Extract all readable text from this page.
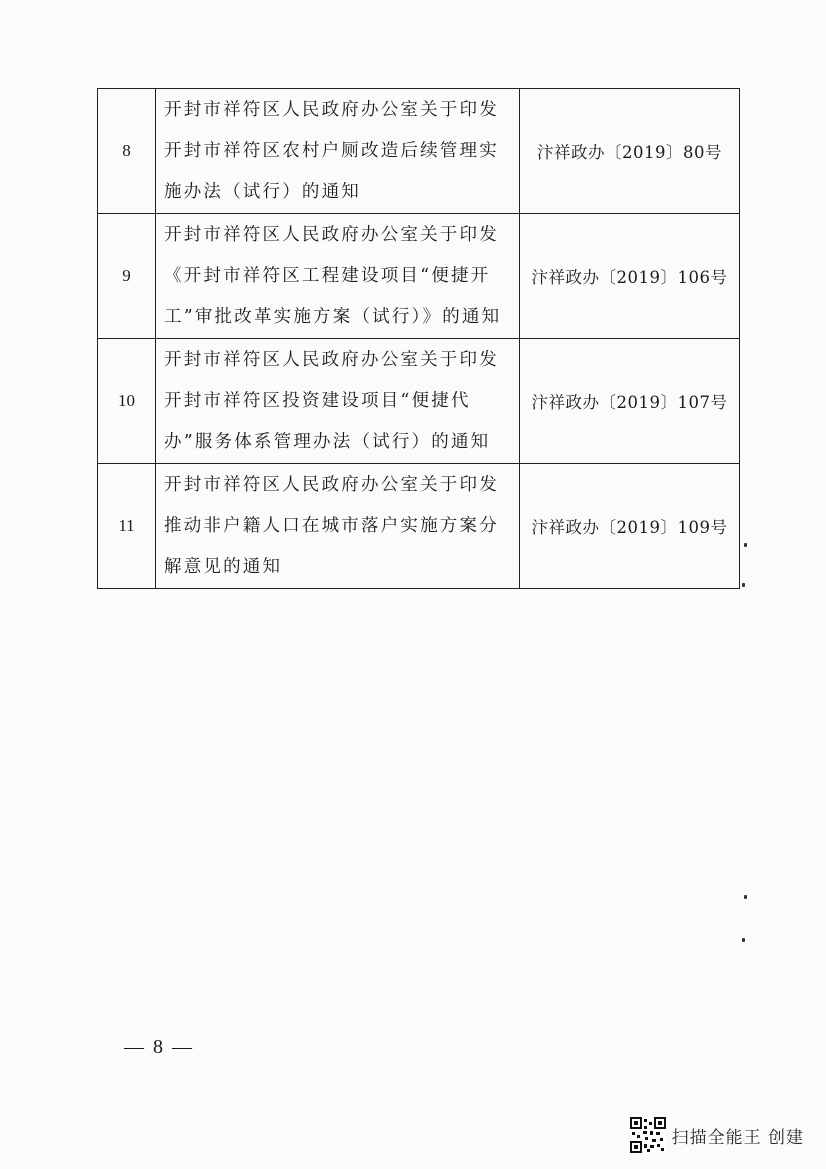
8	开封市祥符区人民政府办公室关于印发开封市祥符区农村户厕改造后续管理实施办法（试行）的通知	汴祥政办〔2019〕80号
9	开封市祥符区人民政府办公室关于印发《开封市祥符区工程建设项目“便捷开工”审批改革实施方案（试行）》的通知	汴祥政办〔2019〕106号
10	开封市祥符区人民政府办公室关于印发开封市祥符区投资建设项目“便捷代办”服务体系管理办法（试行）的通知	汴祥政办〔2019〕107号
11	开封市祥符区人民政府办公室关于印发推动非户籍人口在城市落户实施方案分解意见的通知	汴祥政办〔2019〕109号
— 8 —
扫描全能王 创建
